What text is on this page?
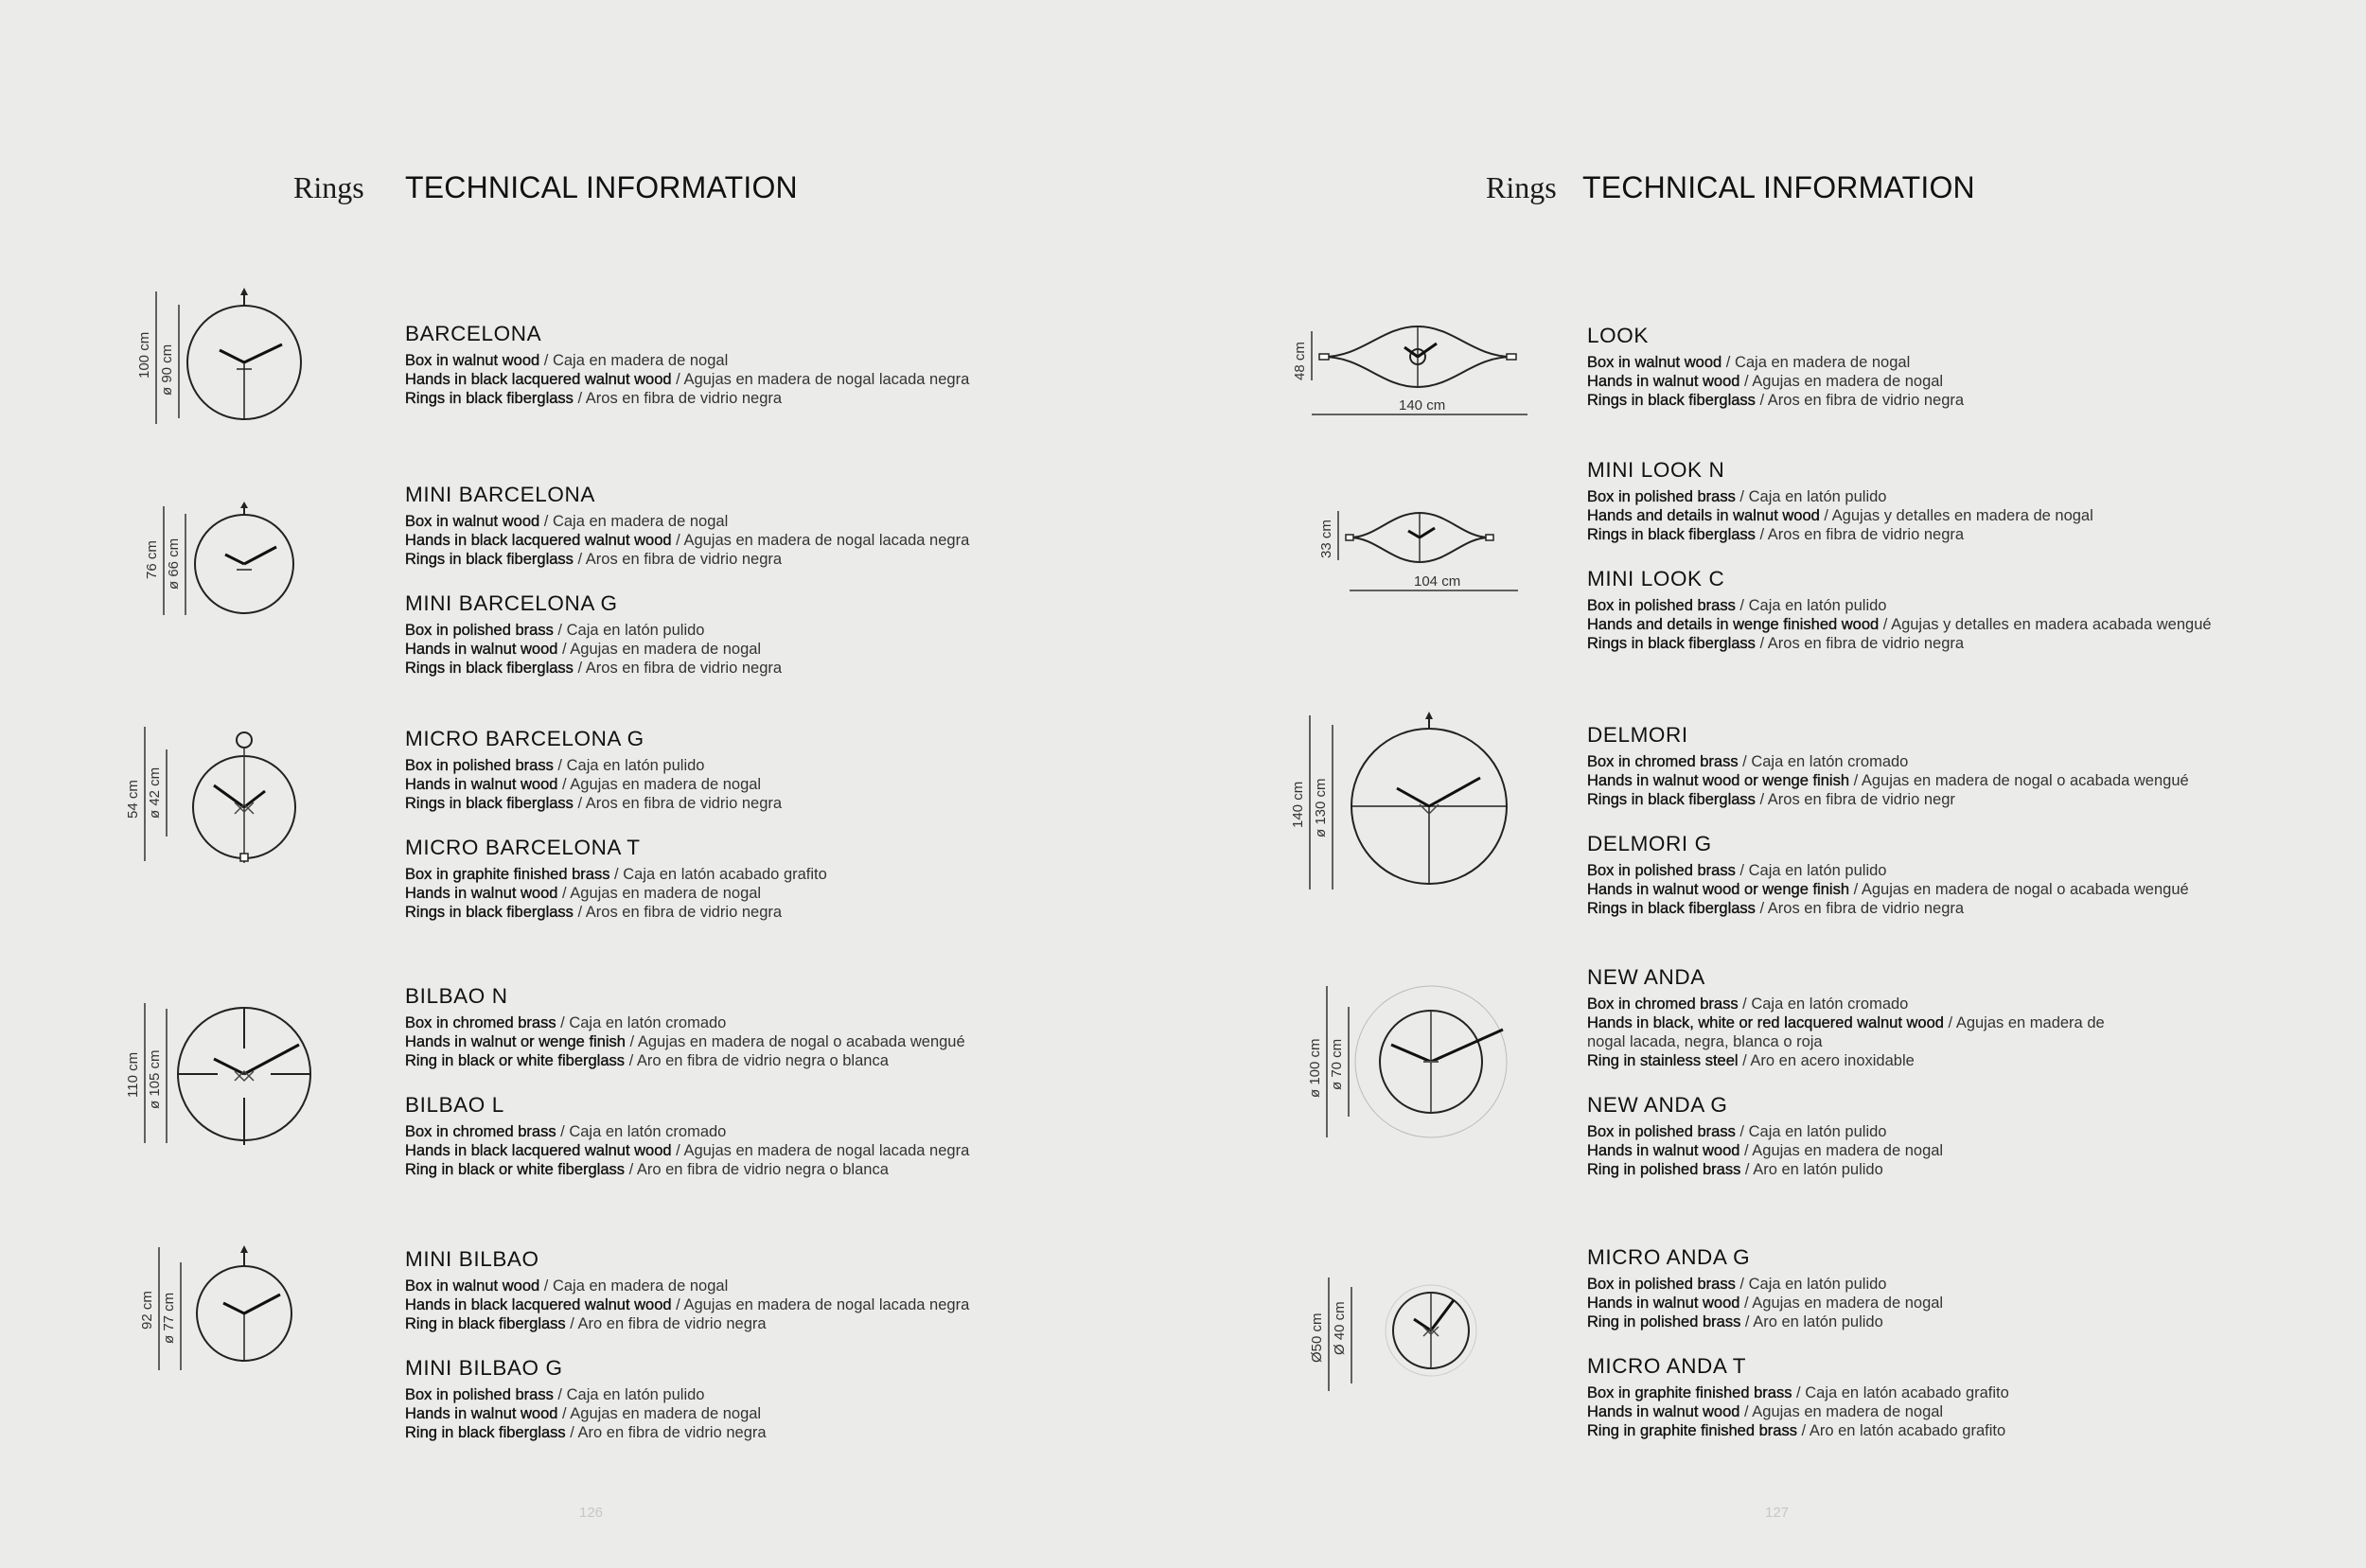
Rings TECHNICAL INFORMATION
100 cm ø 90 cm
76 cm ø 66 cm
54 cm ø 42 cm
110 cm ø 105 cm
92 cm ø 77 cm
BARCELONA
Box in walnut wood / Caja en madera de nogal
Hands in black lacquered walnut wood / Agujas en madera de nogal lacada negra
Rings in black fiberglass / Aros en fibra de vidrio negra
MINI BARCELONA
Box in walnut wood / Caja en madera de nogal
Hands in black lacquered walnut wood / Agujas en madera de nogal lacada negra
Rings in black fiberglass / Aros en fibra de vidrio negra
MINI BARCELONA G
Box in polished brass / Caja en latón pulido
Hands in walnut wood / Agujas en madera de nogal
Rings in black fiberglass / Aros en fibra de vidrio negra
MICRO BARCELONA G
Box in polished brass / Caja en latón pulido
Hands in walnut wood / Agujas en madera de nogal
Rings in black fiberglass / Aros en fibra de vidrio negra
MICRO BARCELONA T
Box in graphite finished brass / Caja en latón acabado grafito
Hands in walnut wood / Agujas en madera de nogal
Rings in black fiberglass / Aros en fibra de vidrio negra
BILBAO N
Box in chromed brass / Caja en latón cromado
Hands in walnut or wenge finish / Agujas en madera de nogal o acabada wengué
Ring in black or white fiberglass / Aro en fibra de vidrio negra o blanca
BILBAO L
Box in chromed brass / Caja en latón cromado
Hands in black lacquered walnut wood / Agujas en madera de nogal lacada negra
Ring in black or white fiberglass / Aro en fibra de vidrio negra o blanca
MINI BILBAO
Box in walnut wood / Caja en madera de nogal
Hands in black lacquered walnut wood / Agujas en madera de nogal lacada negra
Ring in black fiberglass / Aro en fibra de vidrio negra
MINI BILBAO G
Box in polished brass / Caja en latón pulido
Hands in walnut wood / Agujas en madera de nogal
Ring in black fiberglass / Aro en fibra de vidrio negra
126
Rings TECHNICAL INFORMATION
48 cm
140 cm
33 cm
104 cm
140 cm ø 130 cm
ø 100 cm ø 70 cm
Ø50 cm Ø 40 cm
LOOK
Box in walnut wood / Caja en madera de nogal
Hands in walnut wood / Agujas en madera de nogal
Rings in black fiberglass / Aros en fibra de vidrio negra
MINI LOOK N
Box in polished brass / Caja en latón pulido
Hands and details in walnut wood / Agujas y detalles en madera de nogal
Rings in black fiberglass / Aros en fibra de vidrio negra
MINI LOOK C
Box in polished brass / Caja en latón pulido
Hands and details in wenge finished wood / Agujas y detalles en madera acabada wengué
Rings in black fiberglass / Aros en fibra de vidrio negra
DELMORI
Box in chromed brass / Caja en latón cromado
Hands in walnut wood or wenge finish / Agujas en madera de nogal o acabada wengué
Rings in black fiberglass / Aros en fibra de vidrio negr
DELMORI G
Box in polished brass / Caja en latón pulido
Hands in walnut wood or wenge finish / Agujas en madera de nogal o acabada wengué
Rings in black fiberglass / Aros en fibra de vidrio negra
NEW ANDA
Box in chromed brass / Caja en latón cromado
Hands in black, white or red lacquered walnut wood / Agujas en madera de nogal lacada, negra, blanca o roja
Ring in stainless steel / Aro en acero inoxidable
NEW ANDA G
Box in polished brass / Caja en latón pulido
Hands in walnut wood / Agujas en madera de nogal
Ring in polished brass / Aro en latón pulido
MICRO ANDA G
Box in polished brass / Caja en latón pulido
Hands in walnut wood / Agujas en madera de nogal
Ring in polished brass / Aro en latón pulido
MICRO ANDA T
Box in graphite finished brass / Caja en latón acabado grafito
Hands in walnut wood / Agujas en madera de nogal
Ring in graphite finished brass / Aro en latón acabado grafito
127
